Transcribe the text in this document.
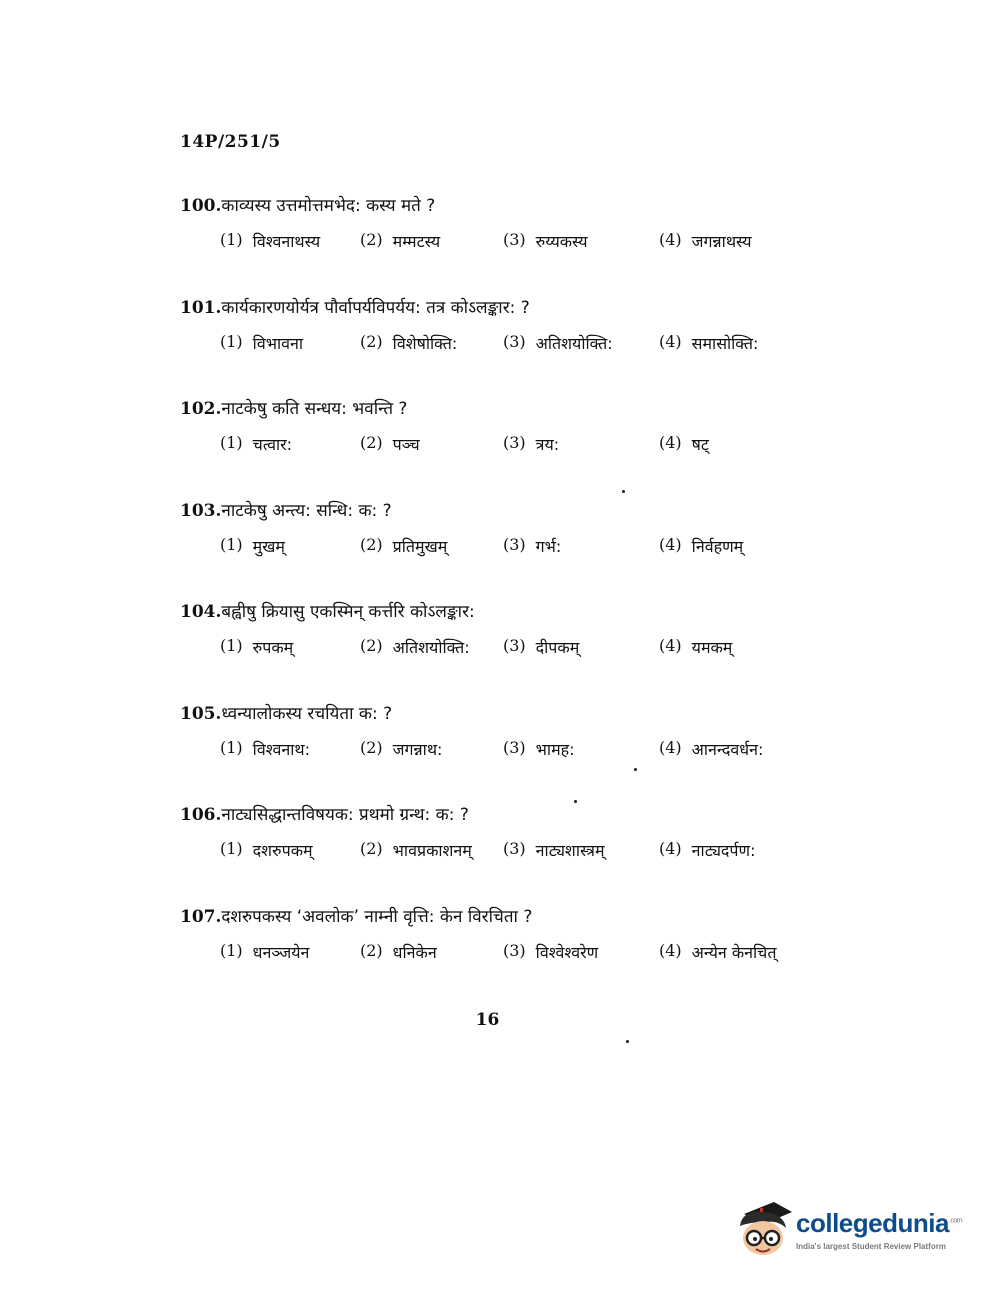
14P/251/5
100.काव्यस्य उत्तमोत्तमभेद: कस्य मते ?
(1) विश्वनाथस्य (2) मम्मटस्य	(3) रुय्यकस्य	(4) जगन्नाथस्य
101.कार्यकारणयोर्यत्र पौर्वापर्यविपर्यय: तत्र कोऽलङ्कार: ?
(1) विभावना	(2) विशेषोक्ति:	(3) अतिशयोक्ति:	(4) समासोक्ति:
102.नाटकेषु कति सन्धय: भवन्ति ?
(1) चत्वार:	(2) पञ्च	(3) त्रय:	(4) षट्
103.नाटकेषु अन्त्य: सन्धि: क: ?
(1) मुखम्	(2) प्रतिमुखम्	(3) गर्भ:	(4) निर्वहणम्
104.बह्वीषु क्रियासु एकस्मिन् कर्त्तरि कोऽलङ्कार:
(1) रुपकम्	(2) अतिशयोक्ति: (3) दीपकम्	(4) यमकम्
105.ध्वन्यालोकस्य रचयिता क: ?
(1) विश्वनाथ:	(2) जगन्नाथ:	(3) भामह:	(4) आनन्दवर्धन:
106.नाट्यसिद्धान्तविषयक: प्रथमो ग्रन्थ: क: ?
(1) दशरुपकम्	(2) भावप्रकाशनम् (3) नाट्यशास्त्रम्	(4) नाट्यदर्पण:
107.दशरुपकस्य ‘अवलोक’ नाम्नी वृत्ति: केन विरचिता ?
(1) धनञ्जयेन	(2) धनिकेन	(3) विश्वेश्वरेण	(4) अन्येन केनचित्
16
collegedunia$^{.com}$
India's largest Student Review Platform
